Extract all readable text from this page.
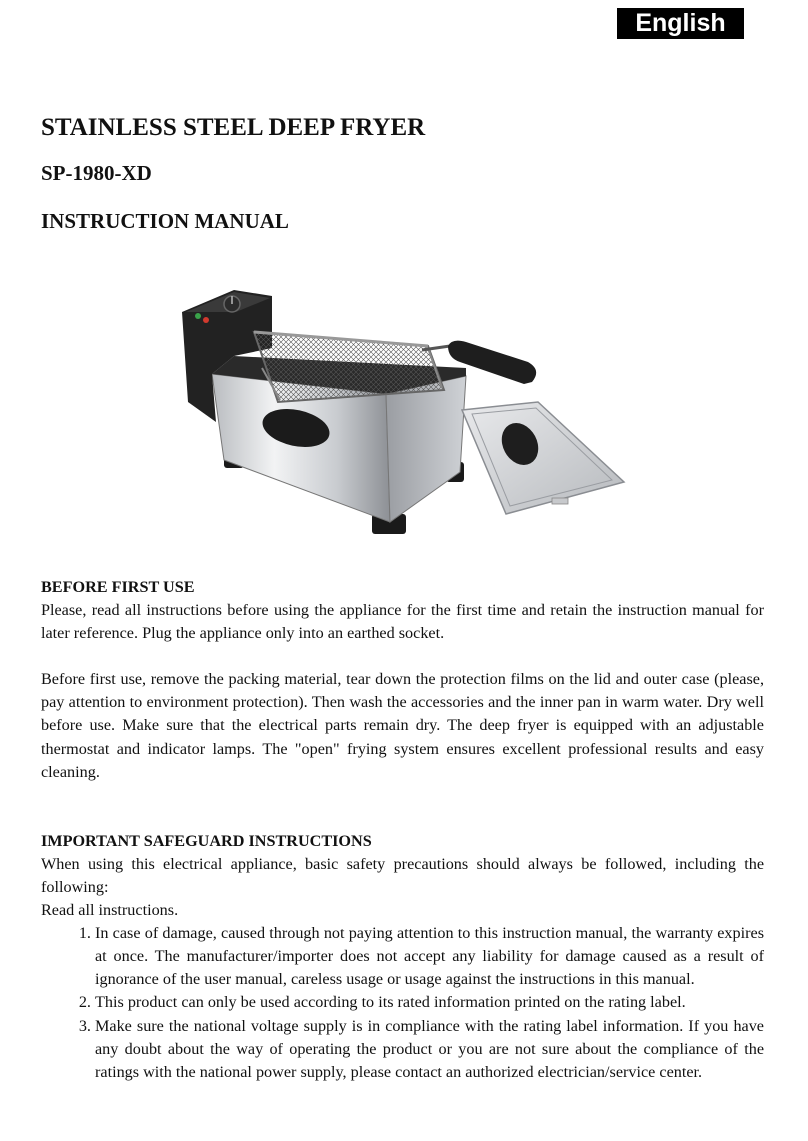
English
STAINLESS STEEL DEEP FRYER
SP-1980-XD
INSTRUCTION MANUAL
BEFORE FIRST USE

Please, read all instructions before using the appliance for the first time and retain the instruction manual for later reference. Plug the appliance only into an earthed socket.

Before first use, remove the packing material, tear down the protection films on the lid and outer case (please, pay attention to environment protection). Then wash the accessories and the inner pan in warm water. Dry well before use. Make sure that the electrical parts remain dry. The deep fryer is equipped with an adjustable thermostat and indicator lamps. The "open" frying system ensures excellent professional results and easy cleaning.

IMPORTANT SAFEGUARD INSTRUCTIONS

When using this electrical appliance, basic safety precautions should always be followed, including the following:

Read all instructions.

1. In case of damage, caused through not paying attention to this instruction manual, the warranty expires at once. The manufacturer/importer does not accept any liability for damage caused as a result of ignorance of the user manual, careless usage or usage against the instructions in this manual.
2. This product can only be used according to its rated information printed on the rating label.
3. Make sure the national voltage supply is in compliance with the rating label information. If you have any doubt about the way of operating the product or you are not sure about the compliance of the ratings with the national power supply, please contact an authorized electrician/service center.
